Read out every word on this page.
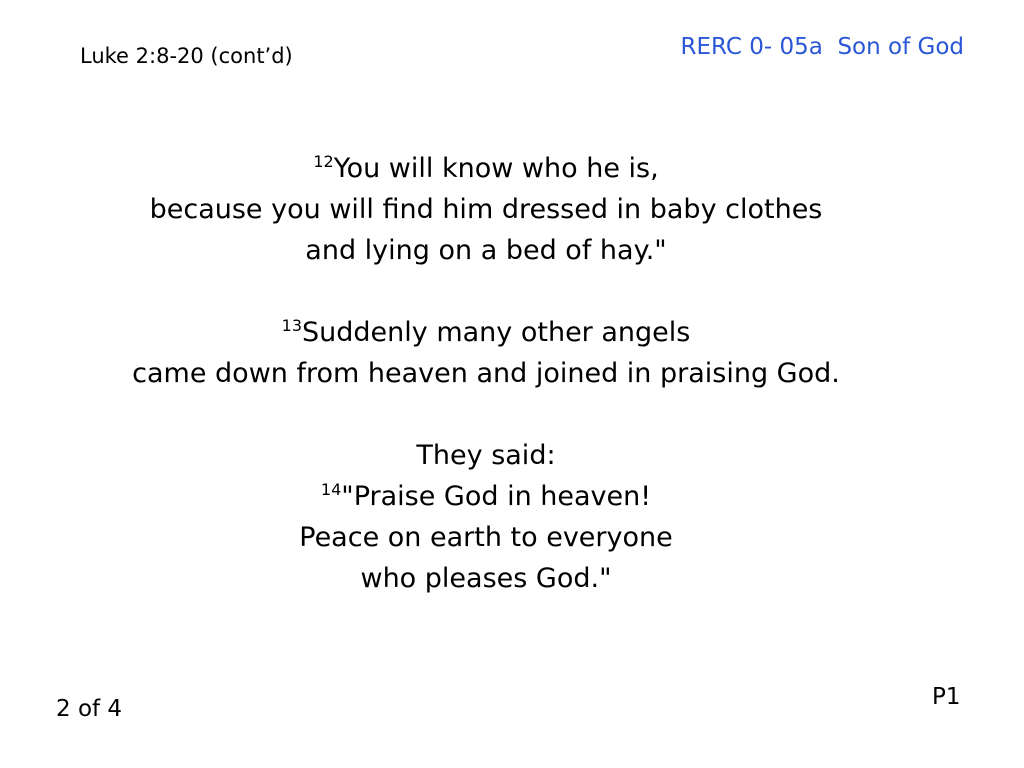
Luke 2:8-20 (cont’d)	RERC 0- 05a  Son of God
$^{12}$You will know who he is,
because you will find him dressed in baby clothes
and lying on a bed of hay."
$^{13}$Suddenly many other angels
came down from heaven and joined in praising God.
They said:
$^{14}$"Praise God in heaven!
Peace on earth to everyone
who pleases God."
2 of 4	P1
